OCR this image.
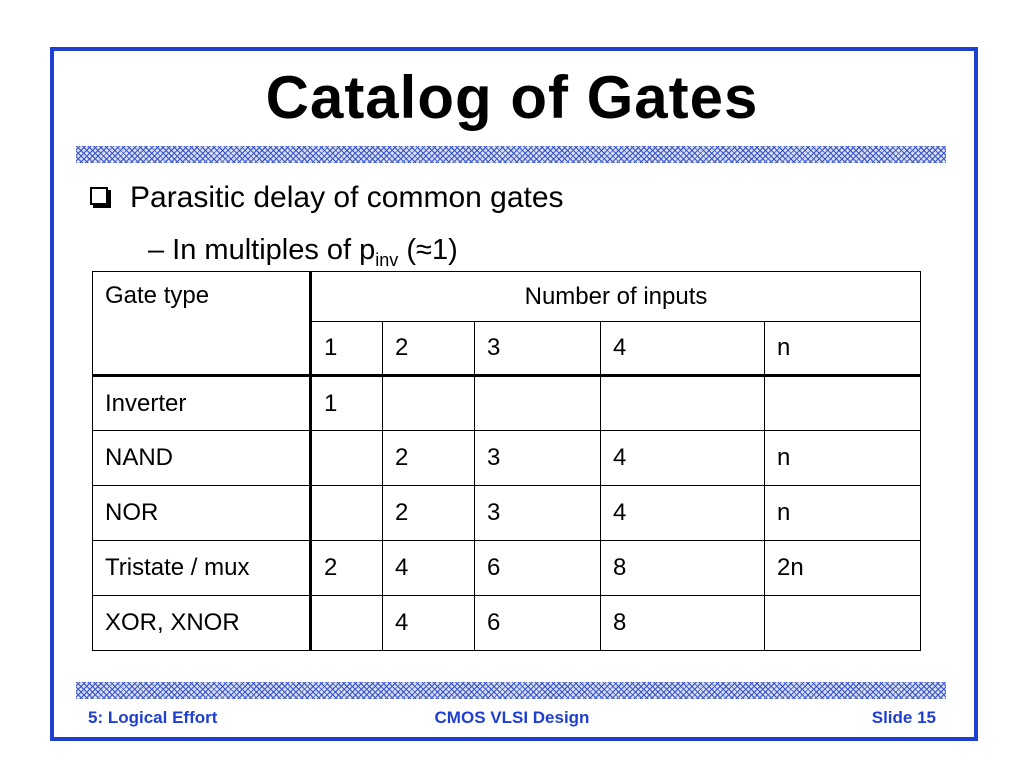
Catalog of Gates
Parasitic delay of common gates
– In multiples of $p_{inv}$ (≈1)
Gate type	Number of inputs				
	1	2	3	4	n
Inverter	1				
NAND		2	3	4	n
NOR		2	3	4	n
Tristate / mux	2	4	6	8	2n
XOR, XNOR		4	6	8	
5: Logical Effort	CMOS VLSI Design	Slide 15
